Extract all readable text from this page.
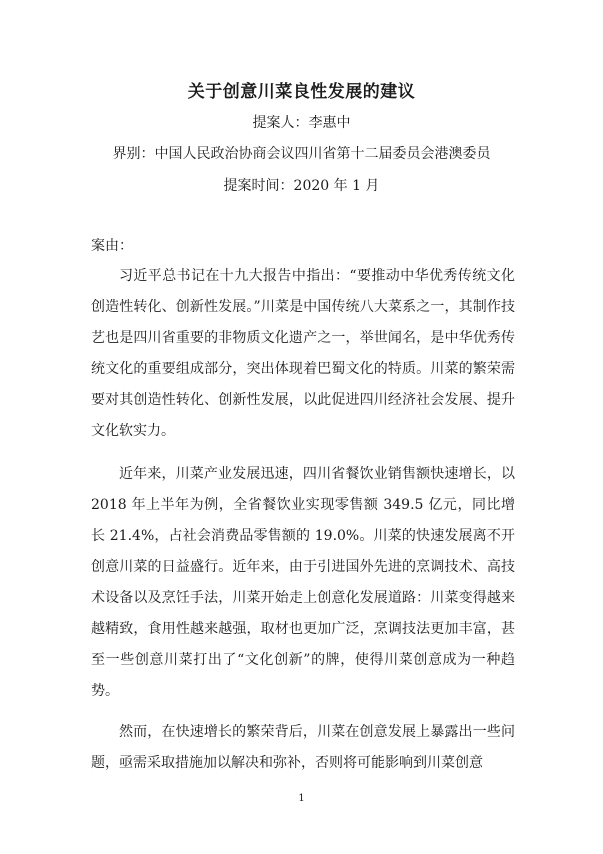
关于创意川菜良性发展的建议
提案人：李惠中
界别：中国人民政治协商会议四川省第十二届委员会港澳委员
提案时间：2020 年 1 月
案由：

习近平总书记在十九大报告中指出：“要推动中华优秀传统文化创造性转化、创新性发展。”川菜是中国传统八大菜系之一，其制作技艺也是四川省重要的非物质文化遗产之一，举世闻名，是中华优秀传统文化的重要组成部分，突出体现着巴蜀文化的特质。川菜的繁荣需要对其创造性转化、创新性发展，以此促进四川经济社会发展、提升文化软实力。

近年来，川菜产业发展迅速，四川省餐饮业销售额快速增长，以 2018 年上半年为例，全省餐饮业实现零售额 349.5 亿元，同比增长 21.4%，占社会消费品零售额的 19.0%。川菜的快速发展离不开创意川菜的日益盛行。近年来，由于引进国外先进的烹调技术、高技术设备以及烹饪手法，川菜开始走上创意化发展道路：川菜变得越来越精致，食用性越来越强，取材也更加广泛，烹调技法更加丰富，甚至一些创意川菜打出了“文化创新”的牌，使得川菜创意成为一种趋势。

然而，在快速增长的繁荣背后，川菜在创意发展上暴露出一些问题，亟需采取措施加以解决和弥补，否则将可能影响到川菜创意

1
